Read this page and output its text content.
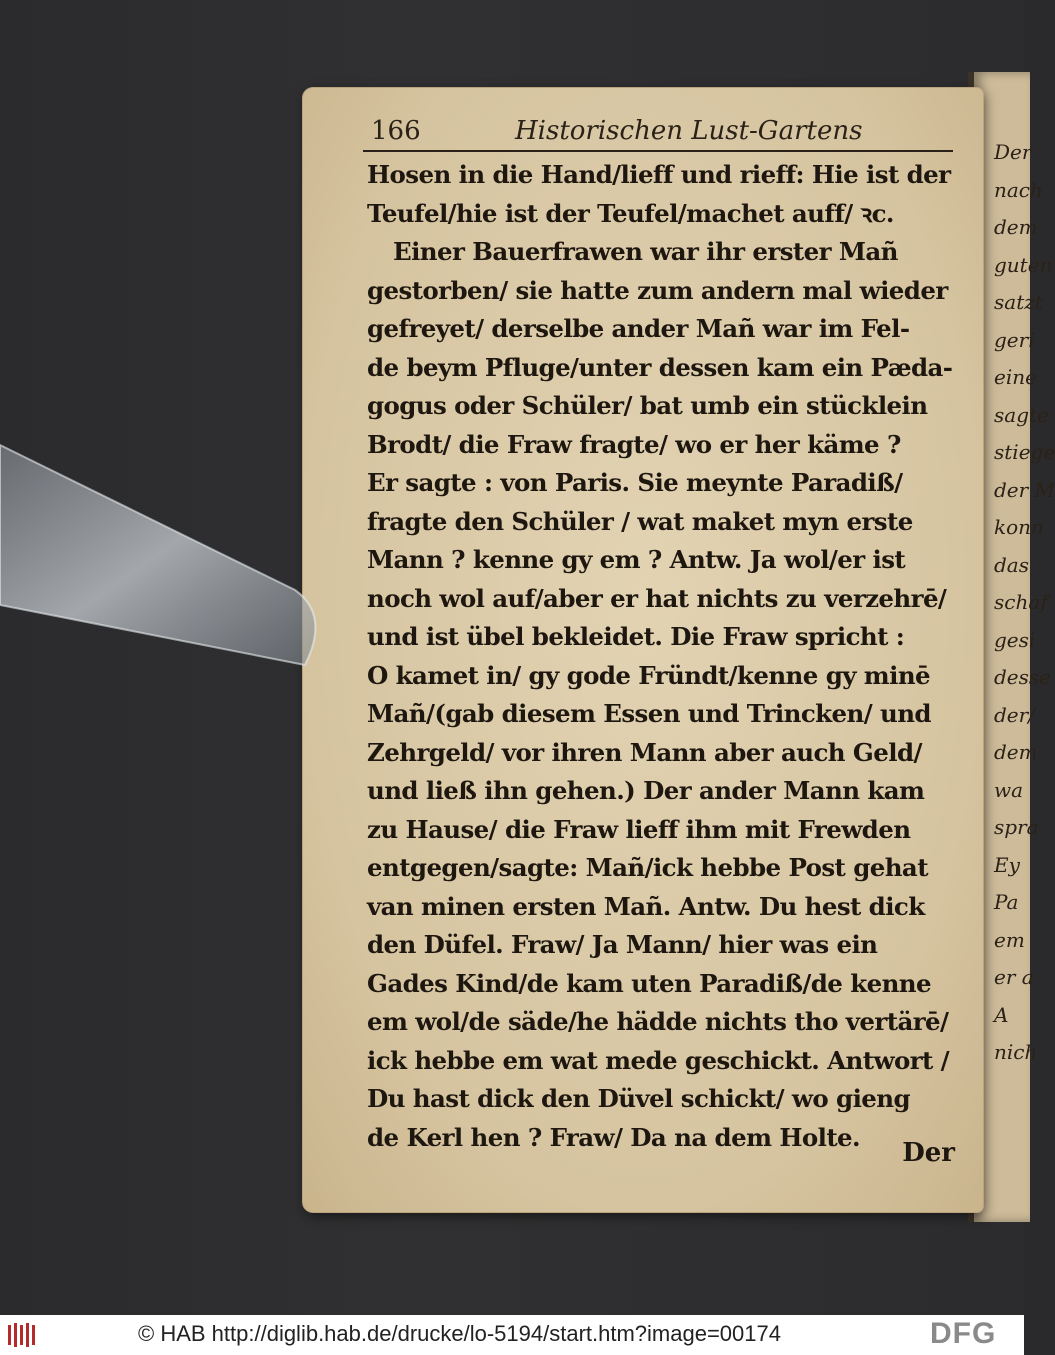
Der
nach
dem
guten
satzt
geri
eine
sagte
stiege
der M
konn
das
schaf
gesi
desse
der/
dem
wa
spra
Ey
Pa
em
er a
A
nich
166	Historischen Lust-Gartens
Hosen in die Hand/lieff und rieff: Hie ist der
Teufel/hie ist der Teufel/machet auff/ ꝛc.
Einer Bauerfrawen war ihr erster Mañ
gestorben/ sie hatte zum andern mal wieder
gefreyet/ derselbe ander Mañ war im Fel-
de beym Pfluge/unter dessen kam ein Pæda-
gogus oder Schüler/ bat umb ein stücklein
Brodt/ die Fraw fragte/ wo er her käme ?
Er sagte : von Paris. Sie meynte Paradiß/
fragte den Schüler / wat maket myn erste
Mann ? kenne gy em ? Antw. Ja wol/er ist
noch wol auf/aber er hat nichts zu verzehrē/
und ist übel bekleidet. Die Fraw spricht :
O kamet in/ gy gode Fründt/kenne gy minē
Mañ/(gab diesem Essen und Trincken/ und
Zehrgeld/ vor ihren Mann aber auch Geld/
und ließ ihn gehen.) Der ander Mann kam
zu Hause/ die Fraw lieff ihm mit Frewden
entgegen/sagte: Mañ/ick hebbe Post gehat
van minen ersten Mañ. Antw. Du hest dick
den Düfel. Fraw/ Ja Mann/ hier was ein
Gades Kind/de kam uten Paradiß/de kenne
em wol/de säde/he hädde nichts tho vertärē/
ick hebbe em wat mede geschickt. Antwort /
Du hast dick den Düvel schickt/ wo gieng
de Kerl hen ? Fraw/ Da na dem Holte.
Der
© HAB http://diglib.hab.de/drucke/lo-5194/start.htm?image=00174	DFG
